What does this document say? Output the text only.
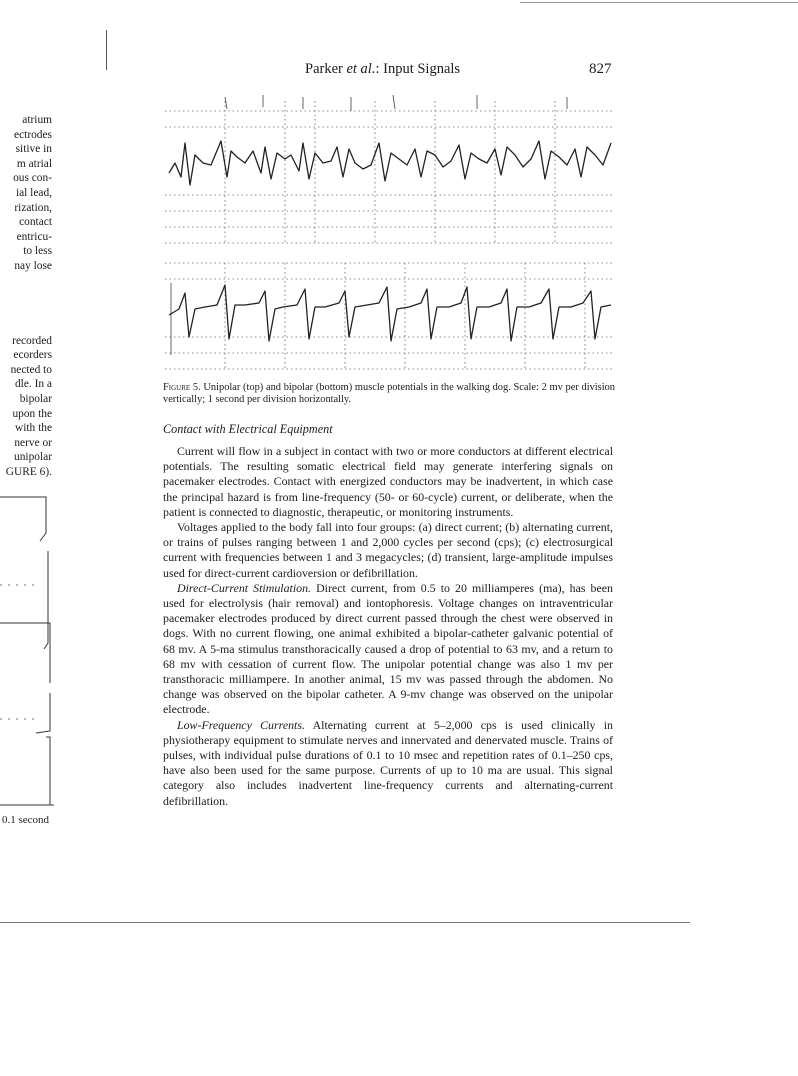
atrium
ectrodes
sitive in
m atrial
ous con-
ial lead,
rization,
contact
entricu-
to less
nay lose
recorded
ecorders
nected to
dle. In a
bipolar
upon the
with the
nerve or
unipolar
GURE 6).
0.1 second
Parker et al.: Input Signals	827
Figure 5. Unipolar (top) and bipolar (bottom) muscle potentials in the walking dog. Scale: 2 mv per division vertically; 1 second per division horizontally.
Contact with Electrical Equipment

Current will flow in a subject in contact with two or more conductors at different electrical potentials. The resulting somatic electrical field may generate interfering signals on pacemaker electrodes. Contact with energized conductors may be inadvertent, in which case the principal hazard is from line-frequency (50- or 60-cycle) current, or deliberate, when the patient is connected to diagnostic, therapeutic, or monitoring instruments.

Voltages applied to the body fall into four groups: (a) direct current; (b) alternating current, or trains of pulses ranging between 1 and 2,000 cycles per second (cps); (c) electrosurgical current with frequencies between 1 and 3 megacycles; (d) transient, large-amplitude impulses used for direct-current cardioversion or defibrillation.

Direct-Current Stimulation. Direct current, from 0.5 to 20 milliamperes (ma), has been used for electrolysis (hair removal) and iontophoresis. Voltage changes on intraventricular pacemaker electrodes produced by direct current passed through the chest were observed in dogs. With no current flowing, one animal exhibited a bipolar-catheter galvanic potential of 68 mv. A 5-ma stimulus transthoracically caused a drop of potential to 63 mv, and a return to 68 mv with cessation of current flow. The unipolar potential change was also 1 mv per transthoracic milliampere. In another animal, 15 mv was passed through the abdomen. No change was observed on the bipolar catheter. A 9-mv change was observed on the unipolar electrode.

Low-Frequency Currents. Alternating current at 5–2,000 cps is used clinically in physiotherapy equipment to stimulate nerves and innervated and denervated muscle. Trains of pulses, with individual pulse durations of 0.1 to 10 msec and repetition rates of 0.1–250 cps, have also been used for the same purpose. Currents of up to 10 ma are usual. This signal category also includes inadvertent line-frequency currents and alternating-current defibrillation.
